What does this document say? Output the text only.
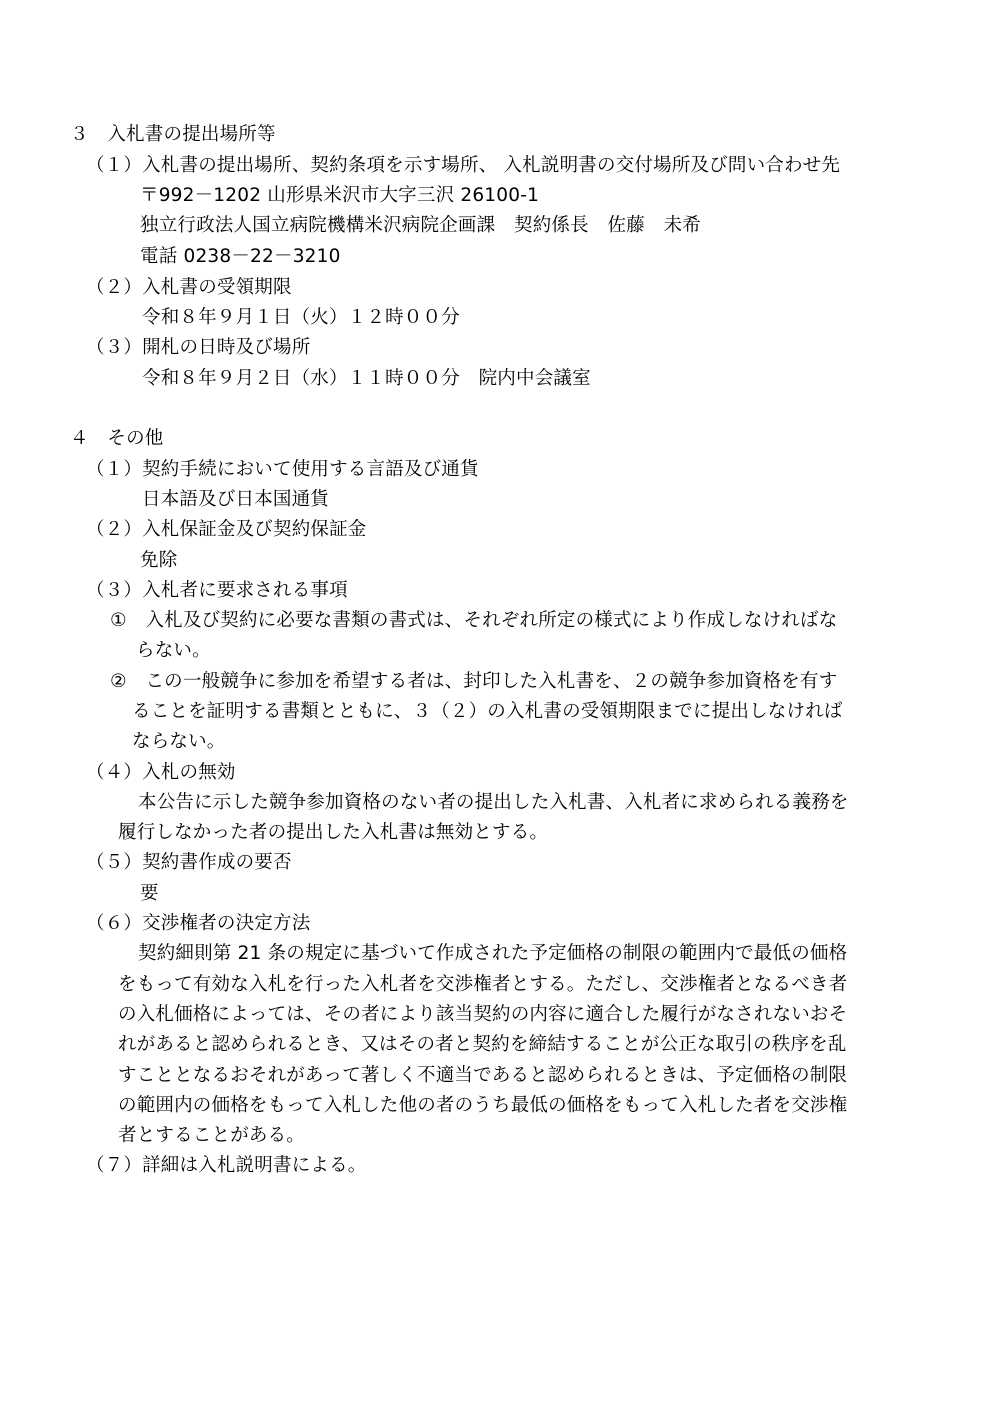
３　入札書の提出場所等
（１）入札書の提出場所、契約条項を示す場所、 入札説明書の交付場所及び問い合わせ先
〒992－1202 山形県米沢市大字三沢 26100-1
独立行政法人国立病院機構米沢病院企画課　契約係長　佐藤　未希
電話 0238－22－3210
（２）入札書の受領期限
令和８年９月１日（火）１２時００分
（３）開札の日時及び場所
令和８年９月２日（水）１１時００分　院内中会議室
４　その他
（１）契約手続において使用する言語及び通貨
日本語及び日本国通貨
（２）入札保証金及び契約保証金
免除
（３）入札者に要求される事項
①　入札及び契約に必要な書類の書式は、それぞれ所定の様式により作成しなければな
らない。
②　この一般競争に参加を希望する者は、封印した入札書を、２の競争参加資格を有す
ることを証明する書類とともに、３（２）の入札書の受領期限までに提出しなければ
ならない。
（４）入札の無効
本公告に示した競争参加資格のない者の提出した入札書、入札者に求められる義務を
履行しなかった者の提出した入札書は無効とする。
（５）契約書作成の要否
要
（６）交渉権者の決定方法
契約細則第 21 条の規定に基づいて作成された予定価格の制限の範囲内で最低の価格
をもって有効な入札を行った入札者を交渉権者とする。ただし、交渉権者となるべき者
の入札価格によっては、その者により該当契約の内容に適合した履行がなされないおそ
れがあると認められるとき、又はその者と契約を締結することが公正な取引の秩序を乱
すこととなるおそれがあって著しく不適当であると認められるときは、予定価格の制限
の範囲内の価格をもって入札した他の者のうち最低の価格をもって入札した者を交渉権
者とすることがある。
（７）詳細は入札説明書による。
